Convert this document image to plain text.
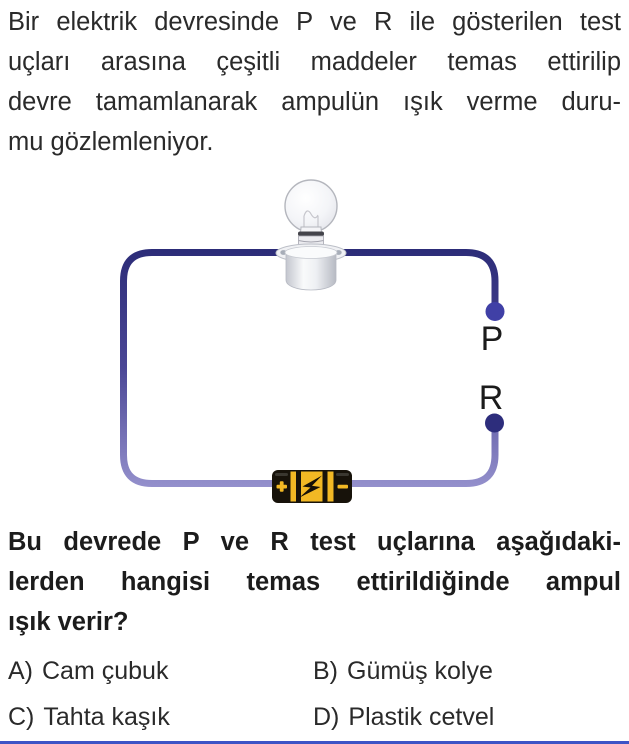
Bir elektrik devresinde P ve R ile gösterilen test
uçları arasına çeşitli maddeler temas ettirilip
devre tamamlanarak ampulün ışık verme duru-
mu gözlemleniyor.
P
R
Bu devrede P ve R test uçlarına aşağıdaki-
lerden hangisi temas ettirildiğinde ampul
ışık verir?
A) Cam çubuk	B) Gümüş kolye
C) Tahta kaşık	D) Plastik cetvel
